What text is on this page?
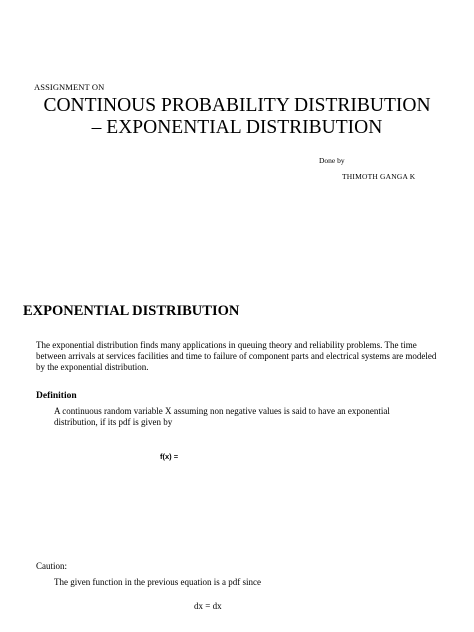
ASSIGNMENT ON
CONTINOUS PROBABILITY DISTRIBUTION
– EXPONENTIAL DISTRIBUTION
Done by
THIMOTH GANGA K
EXPONENTIAL DISTRIBUTION
The exponential distribution finds many applications in queuing theory and reliability problems. The time between arrivals at services facilities and time to failure of component parts and electrical systems are modeled by the exponential distribution.
Definition
A continuous random variable X assuming non negative values is said to have an exponential distribution, if its pdf is given by
f(x) =
Caution:
The given function in the previous equation is a pdf since
dx = dx
